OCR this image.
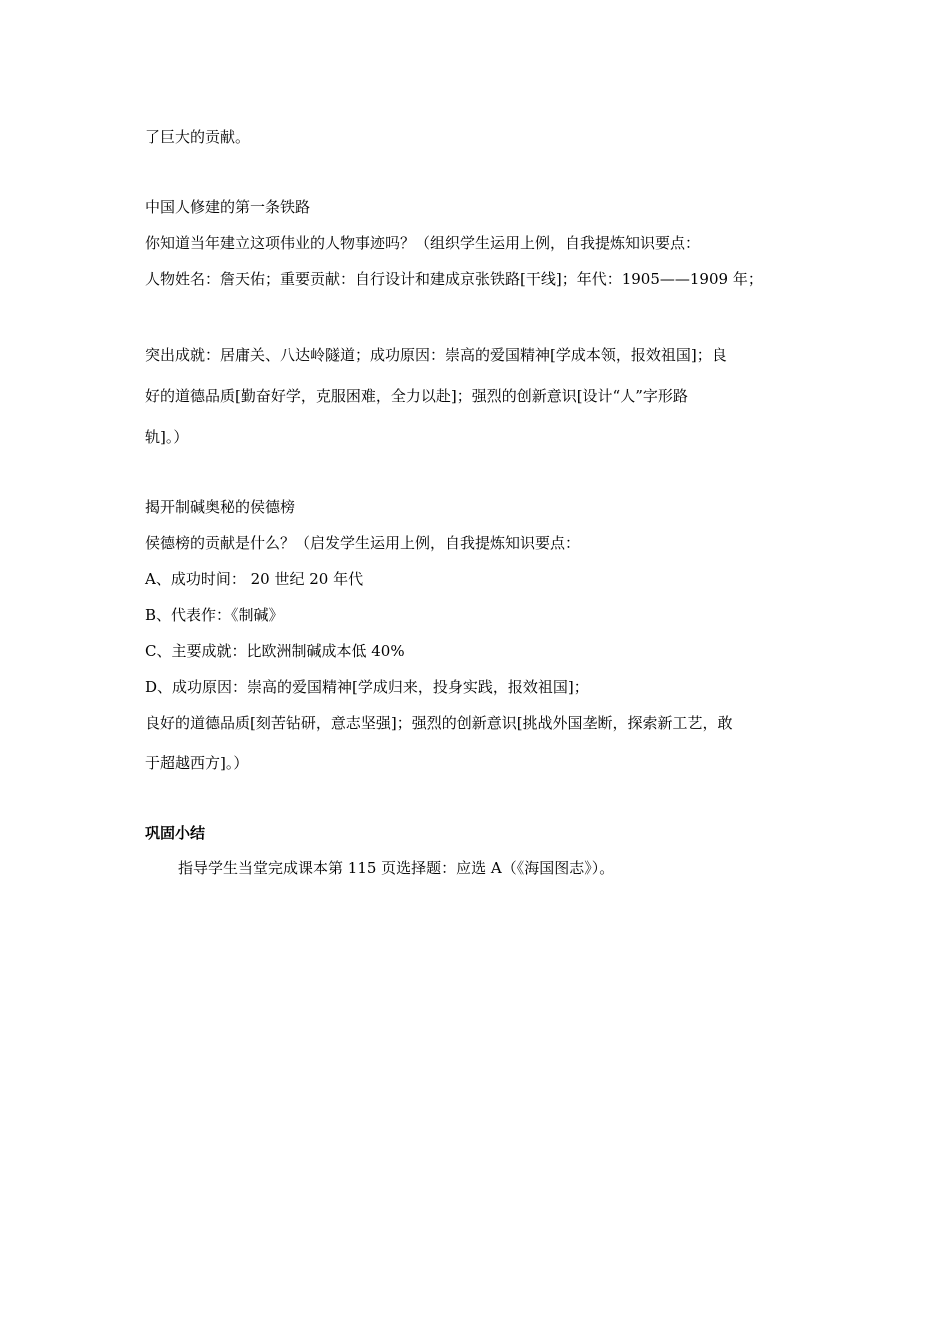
了巨大的贡献。
中国人修建的第一条铁路
你知道当年建立这项伟业的人物事迹吗？（组织学生运用上例，自我提炼知识要点：
人物姓名：詹天佑；重要贡献：自行设计和建成京张铁路[干线]；年代：1905——1909 年；
突出成就：居庸关、八达岭隧道；成功原因：崇高的爱国精神[学成本领，报效祖国]；良
好的道德品质[勤奋好学，克服困难，全力以赴]；强烈的创新意识[设计“人”字形路
轨]。）
揭开制碱奥秘的侯德榜
侯德榜的贡献是什么？（启发学生运用上例，自我提炼知识要点：
A、成功时间： 20 世纪 20 年代
B、代表作：《制碱》
C、主要成就：比欧洲制碱成本低 40%
D、成功原因：崇高的爱国精神[学成归来，投身实践，报效祖国]；
良好的道德品质[刻苦钻研，意志坚强]；强烈的创新意识[挑战外国垄断，探索新工艺，敢
于超越西方]。）
巩固小结
指导学生当堂完成课本第 115 页选择题：应选 A（《海国图志》）。
